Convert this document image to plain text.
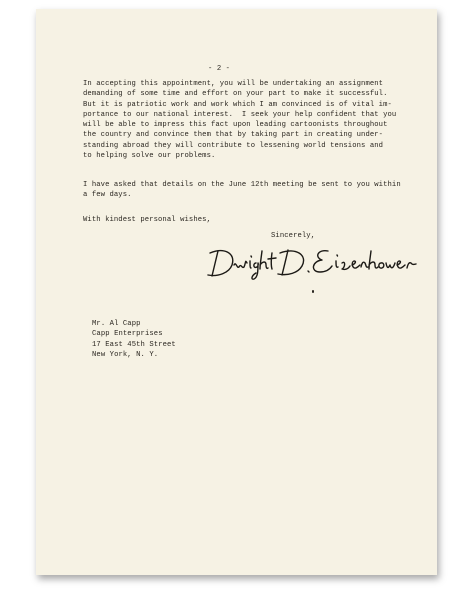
- 2 -
In accepting this appointment, you will be undertaking an assignment
demanding of some time and effort on your part to make it successful.
But it is patriotic work and work which I am convinced is of vital im-
portance to our national interest.  I seek your help confident that you
will be able to impress this fact upon leading cartoonists throughout
the country and convince them that by taking part in creating under-
standing abroad they will contribute to lessening world tensions and
to helping solve our problems.
I have asked that details on the June 12th meeting be sent to you within
a few days.
With kindest personal wishes,
Sincerely,
Mr. Al Capp
Capp Enterprises
17 East 45th Street
New York, N. Y.
